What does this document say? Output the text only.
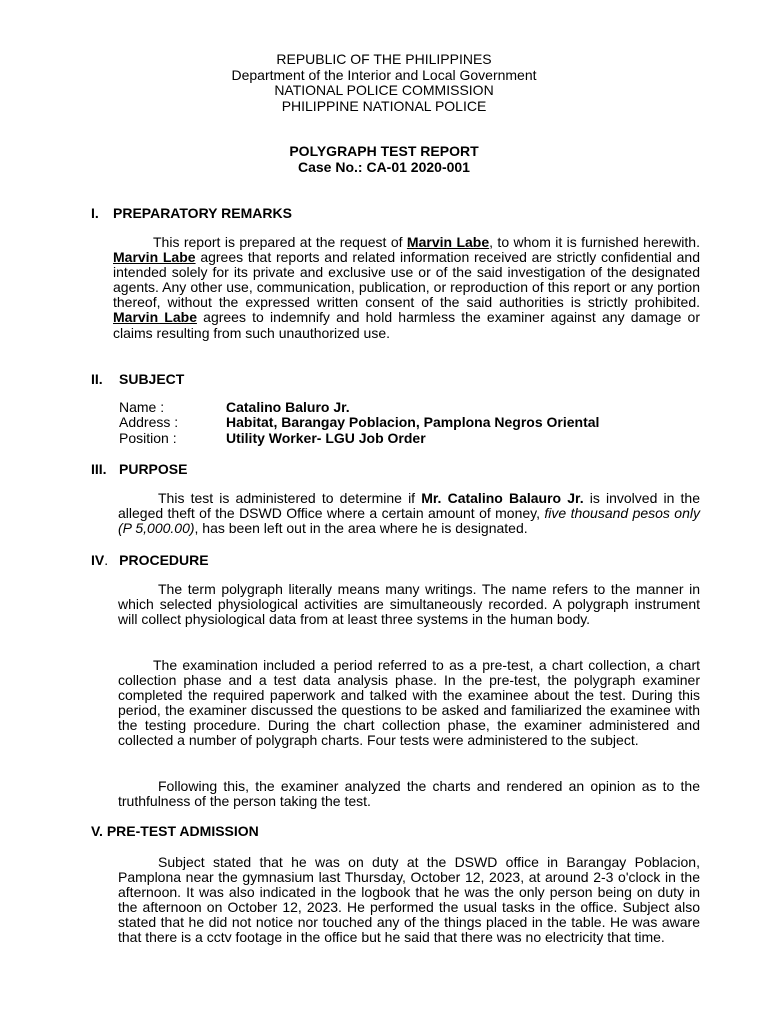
REPUBLIC OF THE PHILIPPINES
Department of the Interior and Local Government
NATIONAL POLICE COMMISSION
PHILIPPINE NATIONAL POLICE
POLYGRAPH TEST REPORT
Case No.: CA-01 2020-001
I. PREPARATORY REMARKS

This report is prepared at the request of Marvin Labe, to whom it is furnished herewith. Marvin Labe agrees that reports and related information received are strictly confidential and intended solely for its private and exclusive use or of the said investigation of the designated agents. Any other use, communication, publication, or reproduction of this report or any portion thereof, without the expressed written consent of the said authorities is strictly prohibited. Marvin Labe agrees to indemnify and hold harmless the examiner against any damage or claims resulting from such unauthorized use.

II. SUBJECT
Name :	Catalino Baluro Jr.
Address :	Habitat, Barangay Poblacion, Pamplona Negros Oriental
Position :	Utility Worker- LGU Job Order
III. PURPOSE

This test is administered to determine if Mr. Catalino Balauro Jr. is involved in the alleged theft of the DSWD Office where a certain amount of money, five thousand pesos only (P 5,000.00), has been left out in the area where he is designated.

IV. PROCEDURE

The term polygraph literally means many writings. The name refers to the manner in which selected physiological activities are simultaneously recorded. A polygraph instrument will collect physiological data from at least three systems in the human body.

The examination included a period referred to as a pre-test, a chart collection, a chart collection phase and a test data analysis phase. In the pre-test, the polygraph examiner completed the required paperwork and talked with the examinee about the test. During this period, the examiner discussed the questions to be asked and familiarized the examinee with the testing procedure. During the chart collection phase, the examiner administered and collected a number of polygraph charts. Four tests were administered to the subject.

Following this, the examiner analyzed the charts and rendered an opinion as to the truthfulness of the person taking the test.

V. PRE-TEST ADMISSION

Subject stated that he was on duty at the DSWD office in Barangay Poblacion, Pamplona near the gymnasium last Thursday, October 12, 2023, at around 2-3 o'clock in the afternoon. It was also indicated in the logbook that he was the only person being on duty in the afternoon on October 12, 2023. He performed the usual tasks in the office. Subject also stated that he did not notice nor touched any of the things placed in the table. He was aware that there is a cctv footage in the office but he said that there was no electricity that time.
